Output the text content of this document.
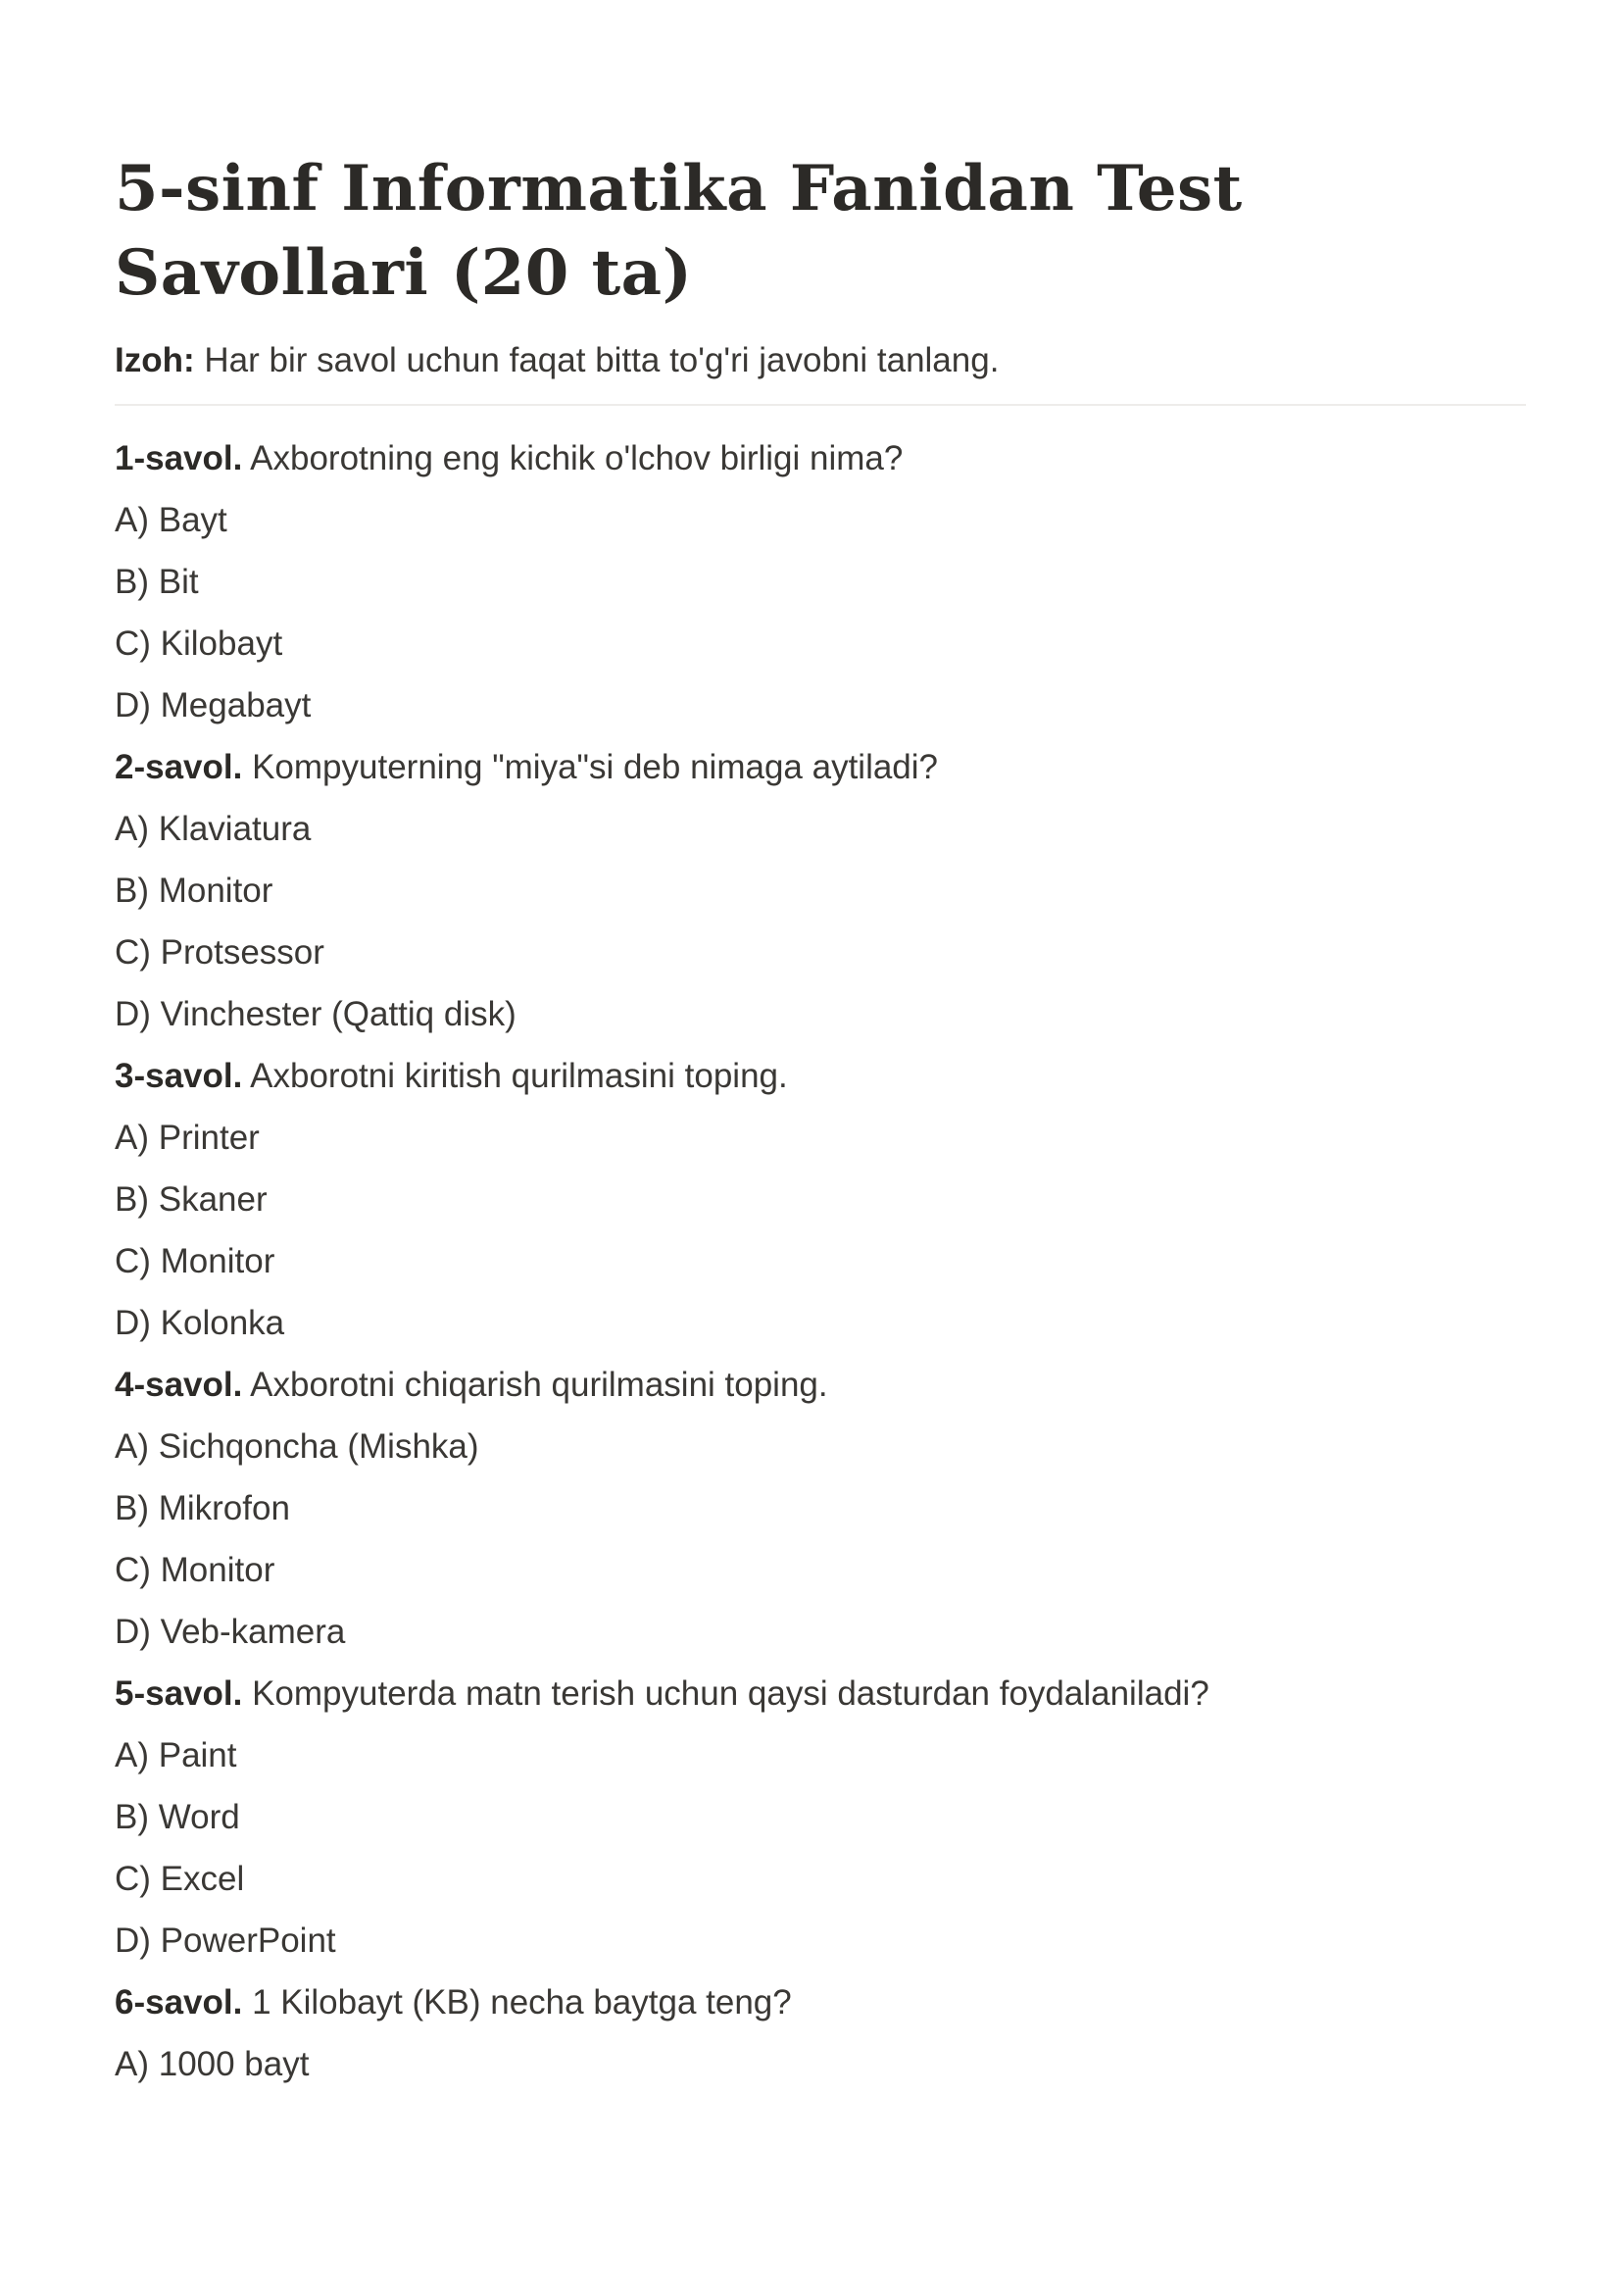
5-sinf Informatika Fanidan Test Savollari (20 ta)
Izoh: Har bir savol uchun faqat bitta to'g'ri javobni tanlang.
1-savol. Axborotning eng kichik o'lchov birligi nima?
A) Bayt
B) Bit
C) Kilobayt
D) Megabayt
2-savol. Kompyuterning "miya"si deb nimaga aytiladi?
A) Klaviatura
B) Monitor
C) Protsessor
D) Vinchester (Qattiq disk)
3-savol. Axborotni kiritish qurilmasini toping.
A) Printer
B) Skaner
C) Monitor
D) Kolonka
4-savol. Axborotni chiqarish qurilmasini toping.
A) Sichqoncha (Mishka)
B) Mikrofon
C) Monitor
D) Veb-kamera
5-savol. Kompyuterda matn terish uchun qaysi dasturdan foydalaniladi?
A) Paint
B) Word
C) Excel
D) PowerPoint
6-savol. 1 Kilobayt (KB) necha baytga teng?
A) 1000 bayt
